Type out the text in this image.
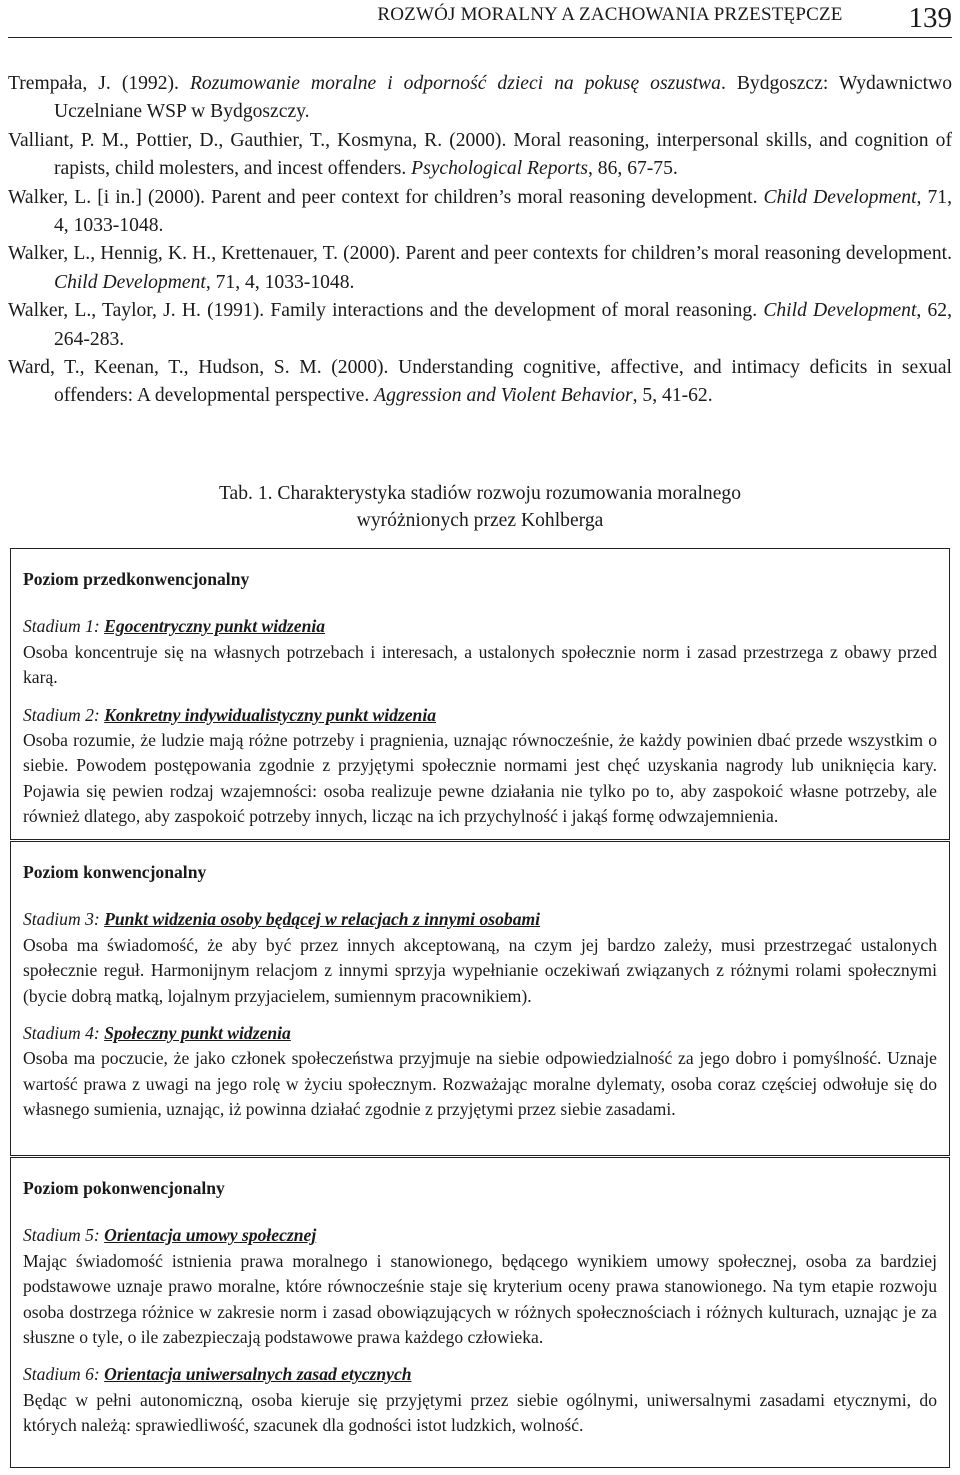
ROZWÓJ MORALNY A ZACHOWANIA PRZESTĘPCZE	139
Trempała, J. (1992). Rozumowanie moralne i odporność dzieci na pokusę oszustwa. Bydgoszcz: Wydawnictwo Uczelniane WSP w Bydgoszczy.
Valliant, P. M., Pottier, D., Gauthier, T., Kosmyna, R. (2000). Moral reasoning, interpersonal skills, and cognition of rapists, child molesters, and incest offenders. Psychological Reports, 86, 67-75.
Walker, L. [i in.] (2000). Parent and peer context for children’s moral reasoning development. Child Development, 71, 4, 1033-1048.
Walker, L., Hennig, K. H., Krettenauer, T. (2000). Parent and peer contexts for children’s moral reasoning development. Child Development, 71, 4, 1033-1048.
Walker, L., Taylor, J. H. (1991). Family interactions and the development of moral reasoning. Child Development, 62, 264-283.
Ward, T., Keenan, T., Hudson, S. M. (2000). Understanding cognitive, affective, and intimacy deficits in sexual offenders: A developmental perspective. Aggression and Violent Behavior, 5, 41-62.
Tab. 1. Charakterystyka stadiów rozwoju rozumowania moralnego
wyróżnionych przez Kohlberga
Poziom przedkonwencjonalny
Stadium 1: Egocentryczny punkt widzenia
Osoba koncentruje się na własnych potrzebach i interesach, a ustalonych społecznie norm i zasad przestrzega z obawy przed karą.
Stadium 2: Konkretny indywidualistyczny punkt widzenia
Osoba rozumie, że ludzie mają różne potrzeby i pragnienia, uznając równocześnie, że każdy powinien dbać przede wszystkim o siebie. Powodem postępowania zgodnie z przyjętymi społecznie normami jest chęć uzyskania nagrody lub uniknięcia kary. Pojawia się pewien rodzaj wzajemności: osoba realizuje pewne działania nie tylko po to, aby zaspokoić własne potrzeby, ale również dlatego, aby zaspokoić potrzeby innych, licząc na ich przychylność i jakąś formę odwzajemnienia.
Poziom konwencjonalny
Stadium 3: Punkt widzenia osoby będącej w relacjach z innymi osobami
Osoba ma świadomość, że aby być przez innych akceptowaną, na czym jej bardzo zależy, musi przestrzegać ustalonych społecznie reguł. Harmonijnym relacjom z innymi sprzyja wypełnianie oczekiwań związanych z różnymi rolami społecznymi (bycie dobrą matką, lojalnym przyjacielem, sumiennym pracownikiem).
Stadium 4: Społeczny punkt widzenia
Osoba ma poczucie, że jako członek społeczeństwa przyjmuje na siebie odpowiedzialność za jego dobro i pomyślność. Uznaje wartość prawa z uwagi na jego rolę w życiu społecznym. Rozważając moralne dylematy, osoba coraz częściej odwołuje się do własnego sumienia, uznając, iż powinna działać zgodnie z przyjętymi przez siebie zasadami.
Poziom pokonwencjonalny
Stadium 5: Orientacja umowy społecznej
Mając świadomość istnienia prawa moralnego i stanowionego, będącego wynikiem umowy społecznej, osoba za bardziej podstawowe uznaje prawo moralne, które równocześnie staje się kryterium oceny prawa stanowionego. Na tym etapie rozwoju osoba dostrzega różnice w zakresie norm i zasad obowiązujących w różnych społecznościach i różnych kulturach, uznając je za słuszne o tyle, o ile zabezpieczają podstawowe prawa każdego człowieka.
Stadium 6: Orientacja uniwersalnych zasad etycznych
Będąc w pełni autonomiczną, osoba kieruje się przyjętymi przez siebie ogólnymi, uniwersalnymi zasadami etycznymi, do których należą: sprawiedliwość, szacunek dla godności istot ludzkich, wolność.
